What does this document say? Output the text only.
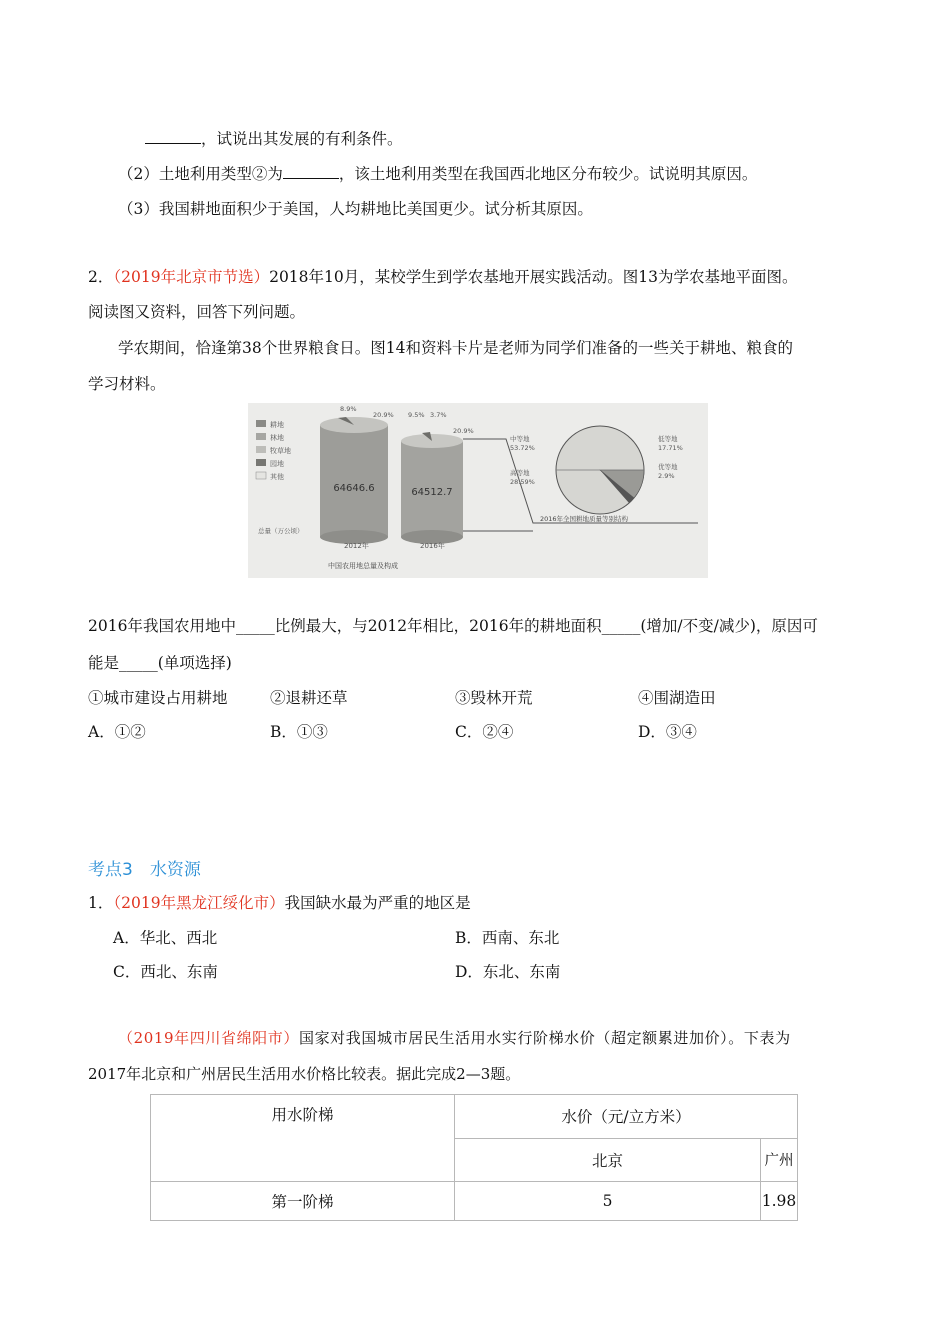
，试说出其发展的有利条件。
（2）土地利用类型②为	，该土地利用类型在我国西北地区分布较少。试说明其原因。
（3）我国耕地面积少于美国，人均耕地比美国更少。试分析其原因。
2．（2019年北京市节选）2018年10月，某校学生到学农基地开展实践活动。图13为学农基地平面图。
阅读图又资料，回答下列问题。
学农期间，恰逢第38个世界粮食日。图14和资料卡片是老师为同学们准备的一些关于耕地、粮食的
学习材料。
耕地
林地
牧草地
园地
其他
64646.6	64512.7
8.9%
20.9% 9.5% 3.7%
20.9%
总量（万公顷）
2012年	2016年
中国农用地总量及构成
中等地
53.72%
高等地
28.59%
低等地
17.71%
优等地
2.9%
2016年全国耕地质量等别结构
2016年我国农用地中_____比例最大，与2012年相比，2016年的耕地面积_____(增加/不变/减少)，原因可
能是_____(单项选择)
①城市建设占用耕地	②退耕还草	③毁林开荒	④围湖造田
A．①②	B．①③	C．②④	D．③④
考点3　水资源
1．（2019年黑龙江绥化市）我国缺水最为严重的地区是
A．华北、西北	B．西南、东北
C．西北、东南	D．东北、东南
（2019年四川省绵阳市）国家对我国城市居民生活用水实行阶梯水价（超定额累进加价）。下表为
2017年北京和广州居民生活用水价格比较表。据此完成2—3题。
用水阶梯	水价（元/立方米）	
	北京	广州
第一阶梯	5	1.98
